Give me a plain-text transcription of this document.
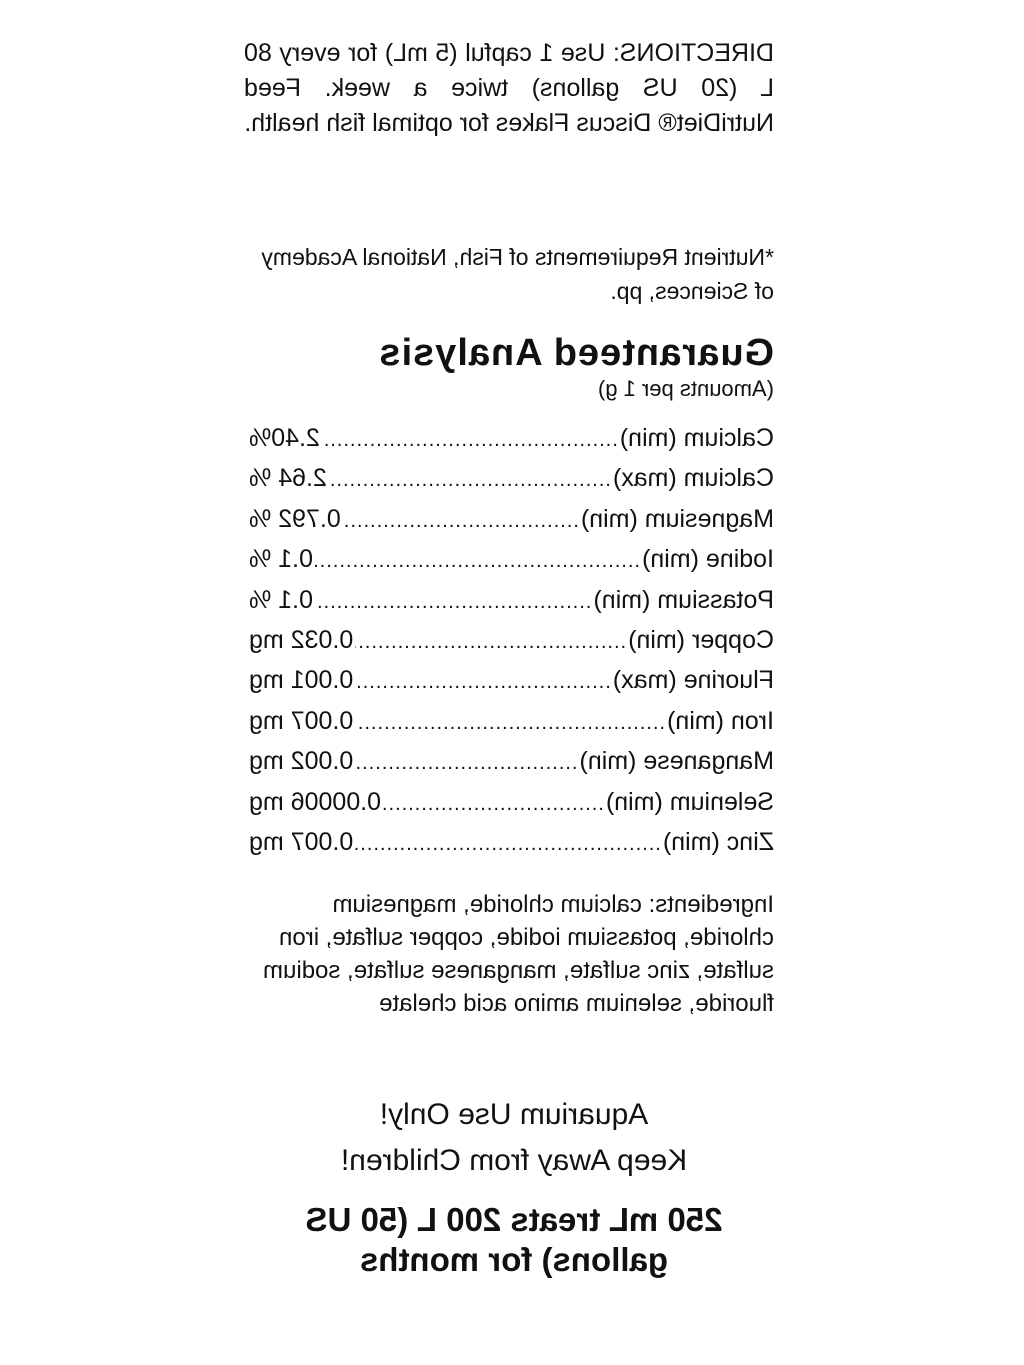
DIRECTIONS: Use 1 capful (5 mL) for every 80 L (20 US gallons) twice a week. Feed NutriDiet® Discus Flakes for optimal fish health.
*Nutrient Requirements of Fish, National Academy of Sciences, pp.
Guaranteed Analysis
(Amounts per 1 g)
Calcium (min)
.....
2.40%
Calcium (max)
.....
2.64 %
Magnesium (min)
.....
0.792 %
Iodine (min)
.....
0.1 %
Potassium (min)
.....
0.1 %
Copper (min)
.....
0.032 mg
Fluorine (max)
.....
0.001 mg
Iron (min)
.....
0.007 mg
Manganese (min)
.....
0.002 mg
Selenium (min)
.....
0.00006 mg
Zinc (min)
.....
0.007 mg
Ingredients: calcium chloride, magnesium chloride, potassium iodide, copper sulfate, iron sulfate, zinc sulfate, manganese sulfate, sodium fluoride, selenium amino acid chelate
Aquarium Use Only!
Keep Away from Children!
250 mL treats 200 L (50 US gallons) for months
